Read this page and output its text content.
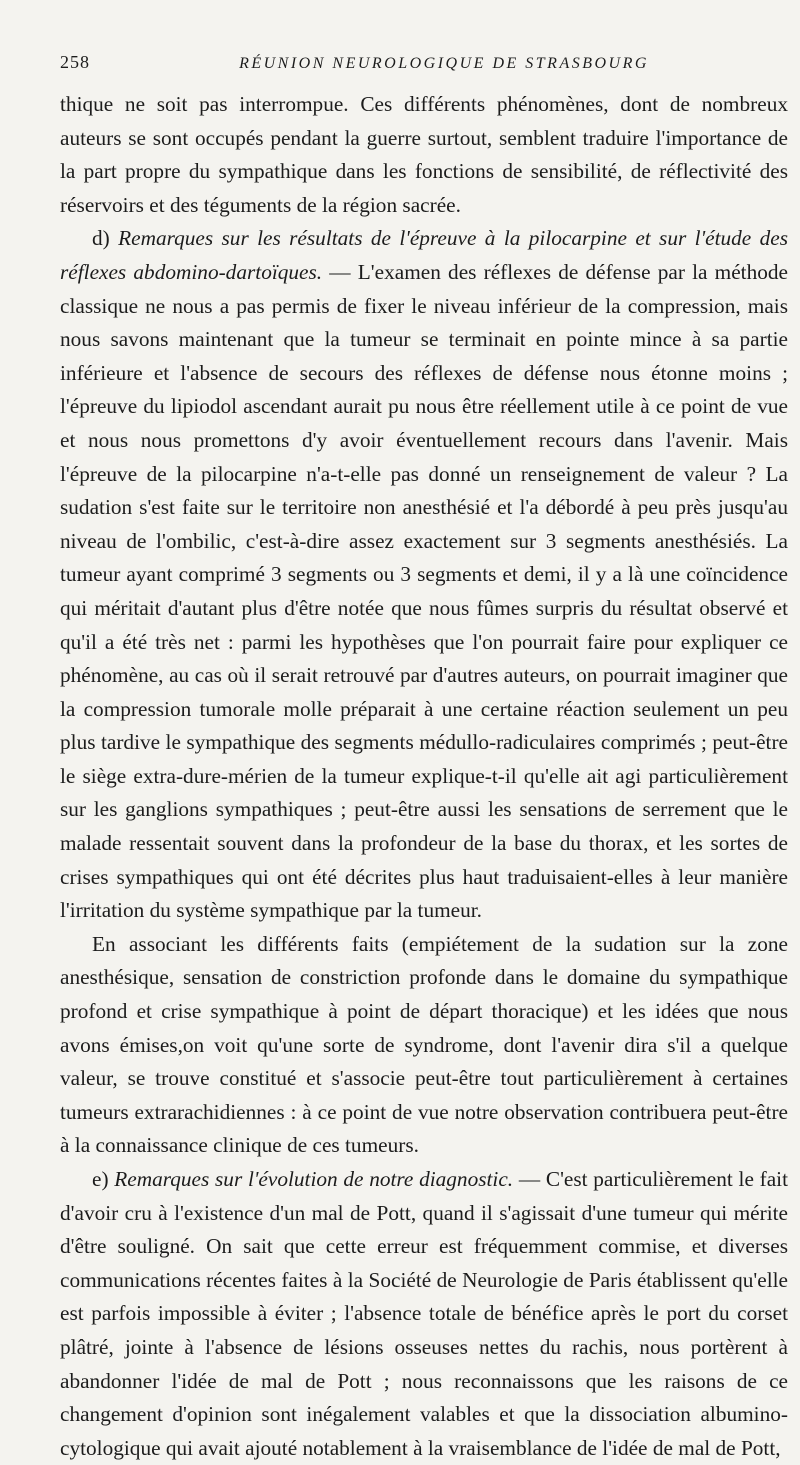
258	RÉUNION NEUROLOGIQUE DE STRASBOURG

thique ne soit pas interrompue. Ces différents phénomènes, dont de nombreux auteurs se sont occupés pendant la guerre surtout, semblent traduire l'importance de la part propre du sympathique dans les fonctions de sensibilité, de réflectivité des réservoirs et des téguments de la région sacrée.

d) Remarques sur les résultats de l'épreuve à la pilocarpine et sur l'étude des réflexes abdomino-dartoïques. — L'examen des réflexes de défense par la méthode classique ne nous a pas permis de fixer le niveau inférieur de la compression, mais nous savons maintenant que la tumeur se terminait en pointe mince à sa partie inférieure et l'absence de secours des réflexes de défense nous étonne moins ; l'épreuve du lipiodol ascendant aurait pu nous être réellement utile à ce point de vue et nous nous promettons d'y avoir éventuellement recours dans l'avenir. Mais l'épreuve de la pilocarpine n'a-t-elle pas donné un renseignement de valeur ? La sudation s'est faite sur le territoire non anesthésié et l'a débordé à peu près jusqu'au niveau de l'ombilic, c'est-à-dire assez exactement sur 3 segments anesthésiés. La tumeur ayant comprimé 3 segments ou 3 segments et demi, il y a là une coïncidence qui méritait d'autant plus d'être notée que nous fûmes surpris du résultat observé et qu'il a été très net : parmi les hypothèses que l'on pourrait faire pour expliquer ce phénomène, au cas où il serait retrouvé par d'autres auteurs, on pourrait imaginer que la compression tumorale molle préparait à une certaine réaction seulement un peu plus tardive le sympathique des segments médullo-radiculaires comprimés ; peut-être le siège extra-dure-mérien de la tumeur explique-t-il qu'elle ait agi particulièrement sur les ganglions sympathiques ; peut-être aussi les sensations de serrement que le malade ressentait souvent dans la profondeur de la base du thorax, et les sortes de crises sympathiques qui ont été décrites plus haut traduisaient-elles à leur manière l'irritation du système sympathique par la tumeur.

En associant les différents faits (empiétement de la sudation sur la zone anesthésique, sensation de constriction profonde dans le domaine du sympathique profond et crise sympathique à point de départ thoracique) et les idées que nous avons émises,on voit qu'une sorte de syndrome, dont l'avenir dira s'il a quelque valeur, se trouve constitué et s'associe peut-être tout particulièrement à certaines tumeurs extrarachidiennes : à ce point de vue notre observation contribuera peut-être à la connaissance clinique de ces tumeurs.

e) Remarques sur l'évolution de notre diagnostic. — C'est particulièrement le fait d'avoir cru à l'existence d'un mal de Pott, quand il s'agissait d'une tumeur qui mérite d'être souligné. On sait que cette erreur est fréquemment commise, et diverses communications récentes faites à la Société de Neurologie de Paris établissent qu'elle est parfois impossible à éviter ; l'absence totale de bénéfice après le port du corset plâtré, jointe à l'absence de lésions osseuses nettes du rachis, nous portèrent à abandonner l'idée de mal de Pott ; nous reconnaissons que les raisons de ce changement d'opinion sont inégalement valables et que la dissociation albumino-cytologique qui avait ajouté notablement à la vraisemblance de l'idée de mal de Pott,
